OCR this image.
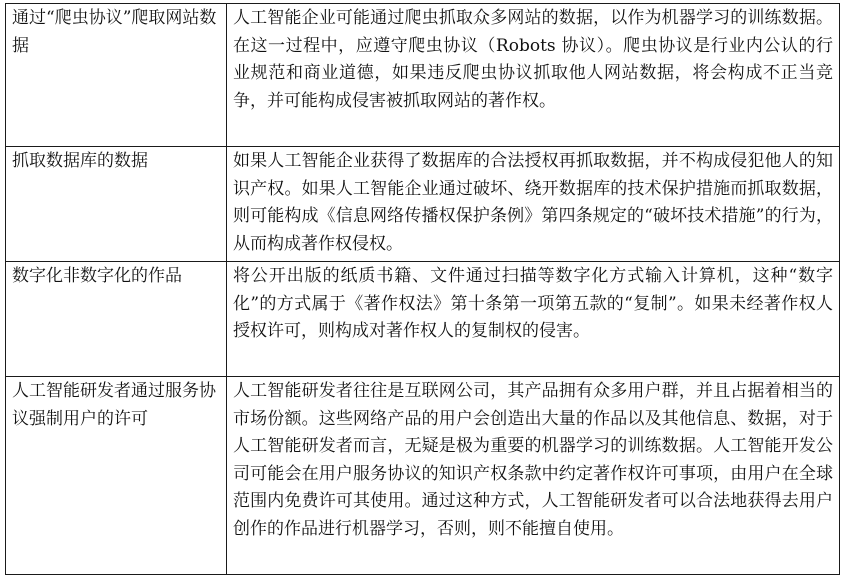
通过“爬虫协议”爬取网站数据	人工智能企业可能通过爬虫抓取众多网站的数据，以作为机器学习的训练数据。在这一过程中，应遵守爬虫协议（Robots 协议）。爬虫协议是行业内公认的行业规范和商业道德，如果违反爬虫协议抓取他人网站数据，将会构成不正当竞争，并可能构成侵害被抓取网站的著作权。
抓取数据库的数据	如果人工智能企业获得了数据库的合法授权再抓取数据，并不构成侵犯他人的知识产权。如果人工智能企业通过破坏、绕开数据库的技术保护措施而抓取数据，则可能构成《信息网络传播权保护条例》第四条规定的“破坏技术措施”的行为，从而构成著作权侵权。
数字化非数字化的作品	将公开出版的纸质书籍、文件通过扫描等数字化方式输入计算机，这种“数字化”的方式属于《著作权法》第十条第一项第五款的“复制”。如果未经著作权人授权许可，则构成对著作权人的复制权的侵害。
人工智能研发者通过服务协议强制用户的许可	人工智能研发者往往是互联网公司，其产品拥有众多用户群，并且占据着相当的市场份额。这些网络产品的用户会创造出大量的作品以及其他信息、数据，对于人工智能研发者而言，无疑是极为重要的机器学习的训练数据。人工智能开发公司可能会在用户服务协议的知识产权条款中约定著作权许可事项，由用户在全球范围内免费许可其使用。通过这种方式，人工智能研发者可以合法地获得去用户创作的作品进行机器学习，否则，则不能擅自使用。
